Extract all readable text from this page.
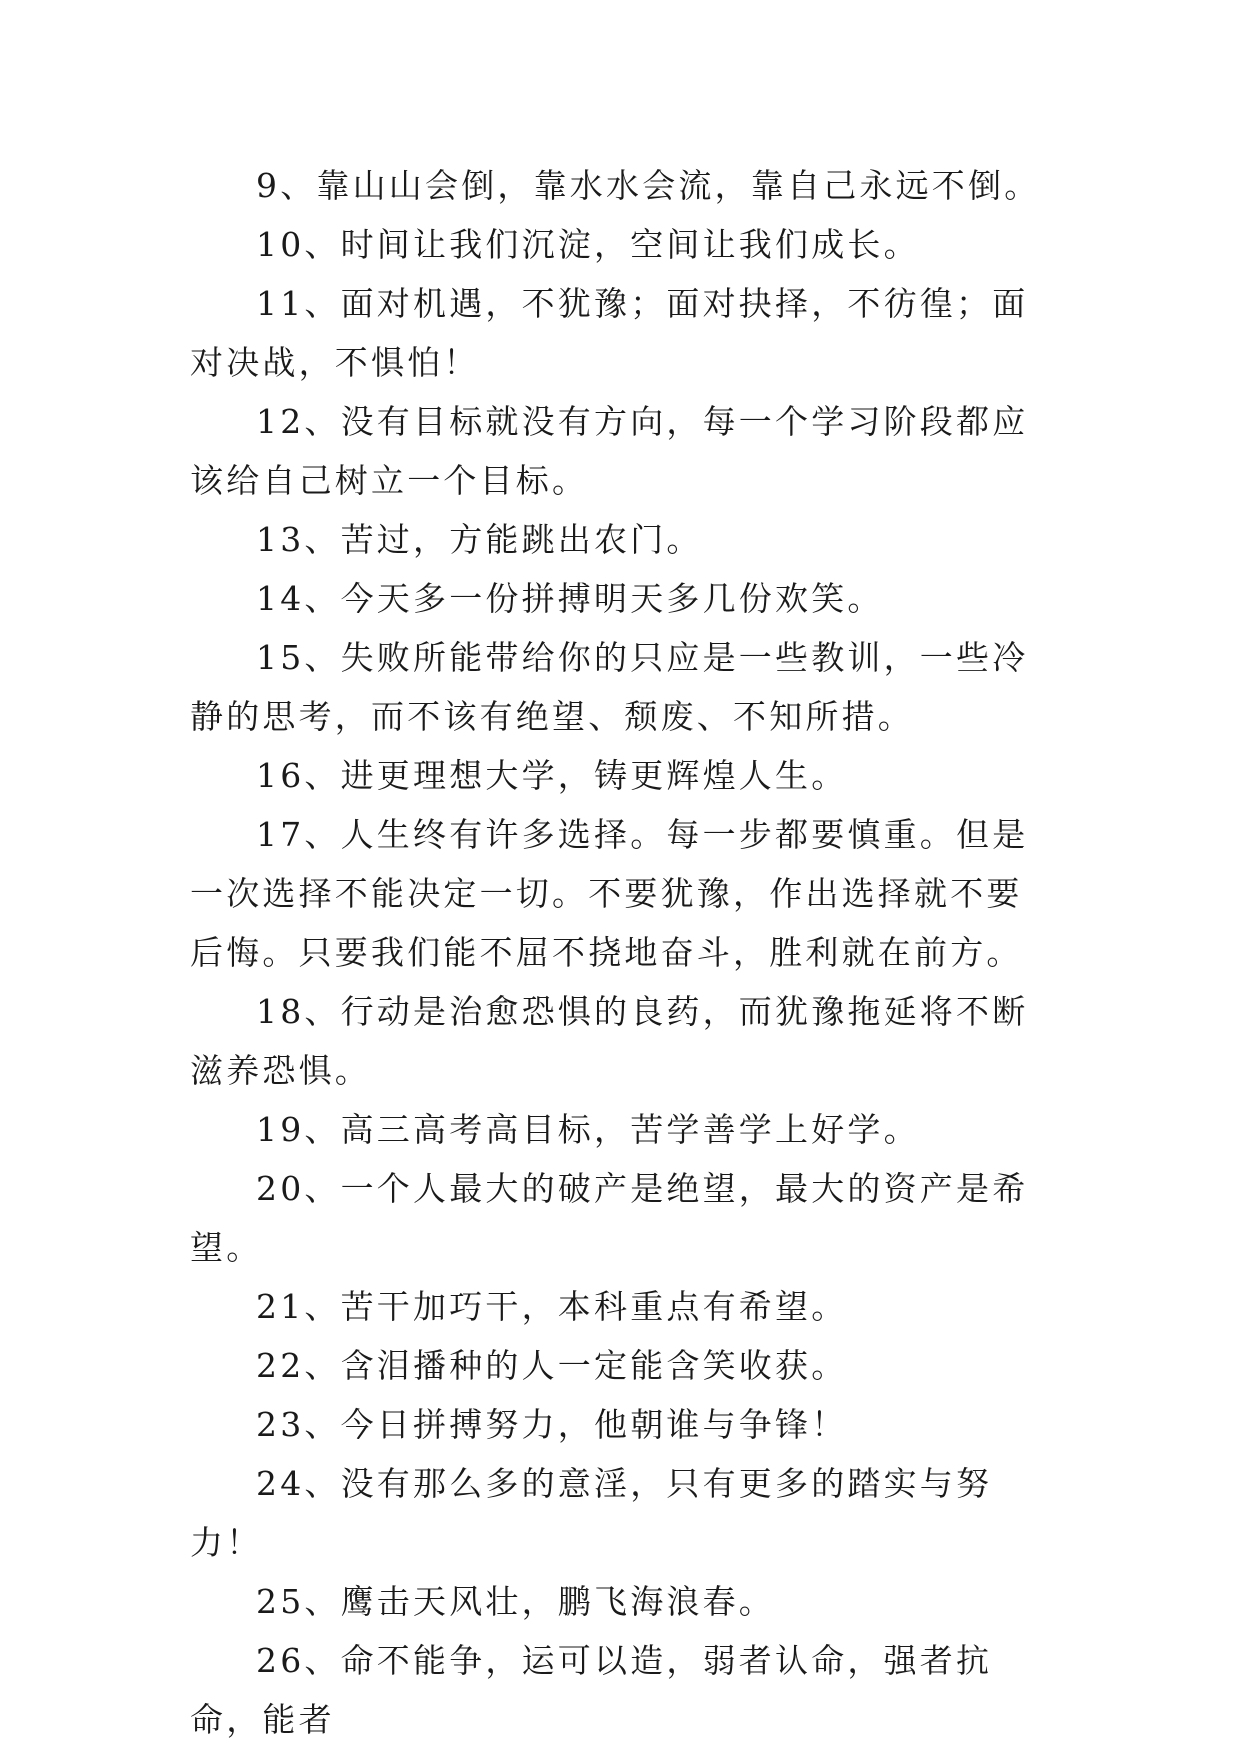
9、靠山山会倒，靠水水会流，靠自己永远不倒。

10、时间让我们沉淀，空间让我们成长。

11、面对机遇，不犹豫；面对抉择，不彷徨；面对决战，不惧怕！

12、没有目标就没有方向，每一个学习阶段都应该给自己树立一个目标。

13、苦过，方能跳出农门。

14、今天多一份拼搏明天多几份欢笑。

15、失败所能带给你的只应是一些教训，一些冷静的思考，而不该有绝望、颓废、不知所措。

16、进更理想大学，铸更辉煌人生。

17、人生终有许多选择。每一步都要慎重。但是一次选择不能决定一切。不要犹豫，作出选择就不要后悔。只要我们能不屈不挠地奋斗，胜利就在前方。

18、行动是治愈恐惧的良药，而犹豫拖延将不断滋养恐惧。

19、高三高考高目标，苦学善学上好学。

20、一个人最大的破产是绝望，最大的资产是希望。

21、苦干加巧干，本科重点有希望。

22、含泪播种的人一定能含笑收获。

23、今日拼搏努力，他朝谁与争锋！

24、没有那么多的意淫，只有更多的踏实与努力！

25、鹰击天风壮，鹏飞海浪春。

26、命不能争，运可以造，弱者认命，强者抗命，能者
